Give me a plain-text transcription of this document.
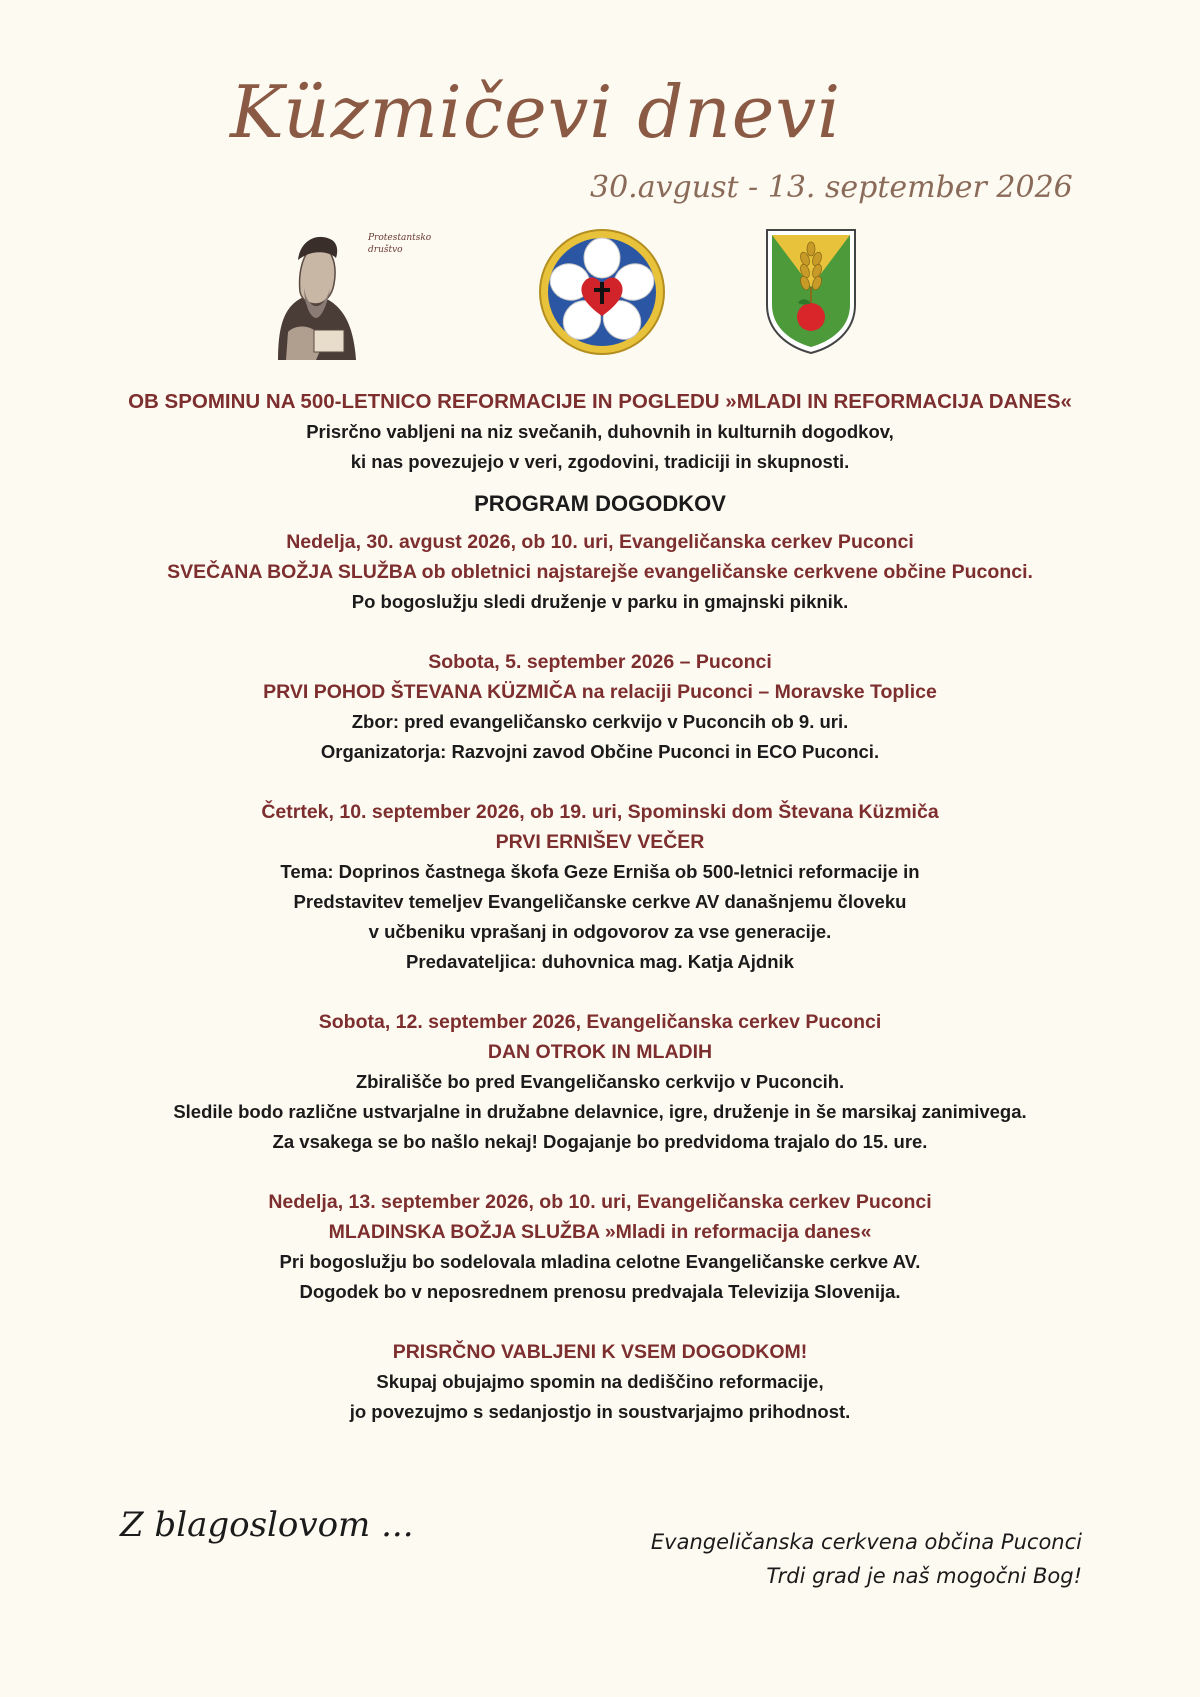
Küzmičevi dnevi
30.avgust - 13. september 2026
Protestantsko društvo
OB SPOMINU NA 500-LETNICO REFORMACIJE IN POGLEDU »MLADI IN REFORMACIJA DANES«
Prisrčno vabljeni na niz svečanih, duhovnih in kulturnih dogodkov,
ki nas povezujejo v veri, zgodovini, tradiciji in skupnosti.
PROGRAM DOGODKOV
Nedelja, 30. avgust 2026, ob 10. uri, Evangeličanska cerkev Puconci
SVEČANA BOŽJA SLUŽBA ob obletnici najstarejše evangeličanske cerkvene občine Puconci.
Po bogoslužju sledi druženje v parku in gmajnski piknik.
Sobota, 5. september 2026 – Puconci
PRVI POHOD ŠTEVANA KÜZMIČA na relaciji Puconci – Moravske Toplice
Zbor: pred evangeličansko cerkvijo v Puconcih ob 9. uri.
Organizatorja: Razvojni zavod Občine Puconci in ECO Puconci.
Četrtek, 10. september 2026, ob 19. uri, Spominski dom Števana Küzmiča
PRVI ERNIŠEV VEČER
Tema: Doprinos častnega škofa Geze Erniša ob 500-letnici reformacije in
Predstavitev temeljev Evangeličanske cerkve AV današnjemu človeku
v učbeniku vprašanj in odgovorov za vse generacije.
Predavateljica: duhovnica mag. Katja Ajdnik
Sobota, 12. september 2026, Evangeličanska cerkev Puconci
DAN OTROK IN MLADIH
Zbirališče bo pred Evangeličansko cerkvijo v Puconcih.
Sledile bodo različne ustvarjalne in družabne delavnice, igre, druženje in še marsikaj zanimivega.
Za vsakega se bo našlo nekaj! Dogajanje bo predvidoma trajalo do 15. ure.
Nedelja, 13. september 2026, ob 10. uri, Evangeličanska cerkev Puconci
MLADINSKA BOŽJA SLUŽBA »Mladi in reformacija danes«
Pri bogoslužju bo sodelovala mladina celotne Evangeličanske cerkve AV.
Dogodek bo v neposrednem prenosu predvajala Televizija Slovenija.
PRISRČNO VABLJENI K VSEM DOGODKOM!
Skupaj obujajmo spomin na dediščino reformacije,
jo povezujmo s sedanjostjo in soustvarjajmo prihodnost.
Z blagoslovom ...	Evangeličanska cerkvena občina Puconci
Trdi grad je naš mogočni Bog!
